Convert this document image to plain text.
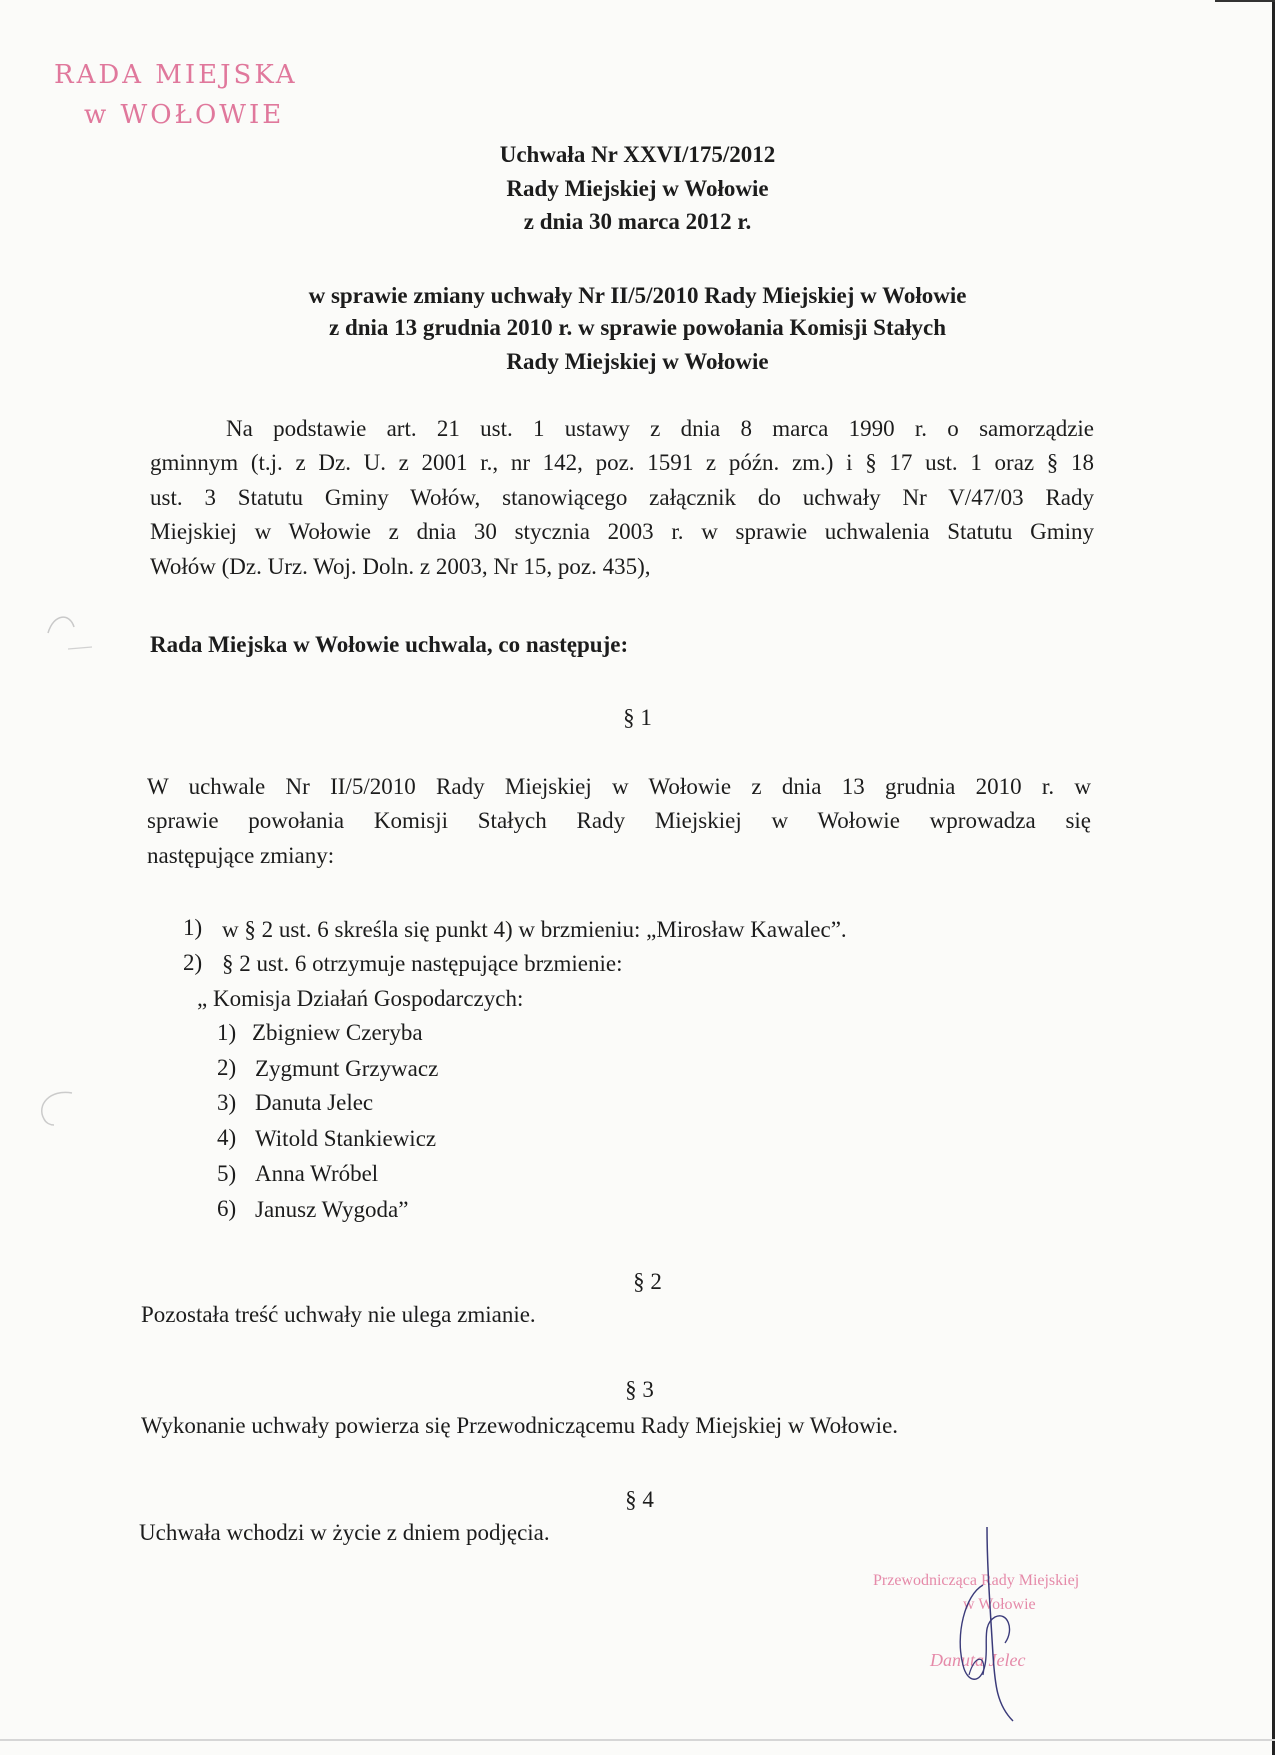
RADA MIEJSKA
w WOŁOWIE
Uchwała Nr XXVI/175/2012
Rady Miejskiej w Wołowie
z dnia 30 marca 2012 r.
w sprawie zmiany uchwały Nr II/5/2010 Rady Miejskiej w Wołowie
z dnia 13 grudnia 2010 r. w sprawie powołania Komisji Stałych
Rady Miejskiej w Wołowie
Na podstawie art. 21 ust. 1 ustawy z dnia 8 marca 1990 r. o samorządzie
gminnym (t.j. z Dz. U. z 2001 r., nr 142, poz. 1591 z późn. zm.) i § 17 ust. 1 oraz § 18
ust. 3 Statutu Gminy Wołów, stanowiącego załącznik do uchwały Nr V/47/03 Rady
Miejskiej w Wołowie z dnia 30 stycznia 2003 r. w sprawie uchwalenia Statutu Gminy
Wołów (Dz. Urz. Woj. Doln. z 2003, Nr 15, poz. 435),
Rada Miejska w Wołowie uchwala, co następuje:
§ 1
W uchwale Nr II/5/2010 Rady Miejskiej w Wołowie z dnia 13 grudnia 2010 r. w
sprawie powołania Komisji Stałych Rady Miejskiej w Wołowie wprowadza się
następujące zmiany:
1) w § 2 ust. 6 skreśla się punkt 4) w brzmieniu: „Mirosław Kawalec”.
2) § 2 ust. 6 otrzymuje następujące brzmienie:
„ Komisja Działań Gospodarczych:
1) Zbigniew Czeryba
2) Zygmunt Grzywacz
3) Danuta Jelec
4) Witold Stankiewicz
5) Anna Wróbel
6) Janusz Wygoda”
§ 2
Pozostała treść uchwały nie ulega zmianie.
§ 3
Wykonanie uchwały powierza się Przewodniczącemu Rady Miejskiej w Wołowie.
§ 4
Uchwała wchodzi w życie z dniem podjęcia.
Przewodnicząca Rady Miejskiej
w Wołowie
Danuta Jelec
